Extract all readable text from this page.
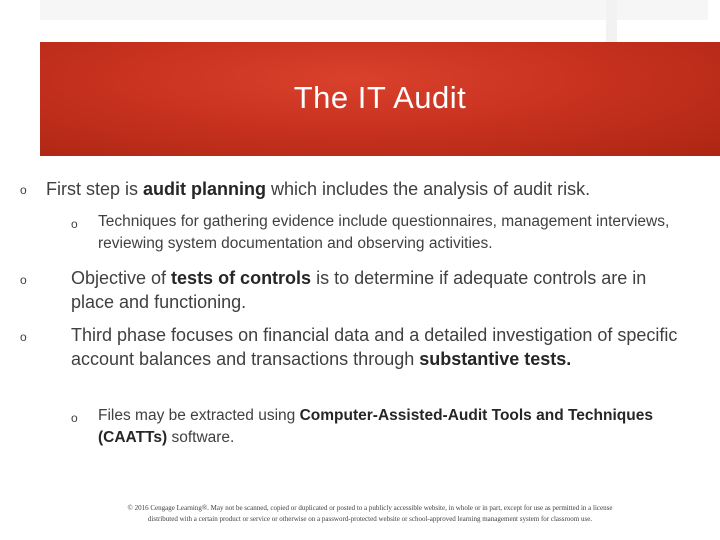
The IT Audit
o First step is audit planning which includes the analysis of audit risk.
o Techniques for gathering evidence include questionnaires, management interviews, reviewing system documentation and observing activities.
o Objective of tests of controls is to determine if adequate controls are in place and functioning.
o Third phase focuses on financial data and a detailed investigation of specific account balances and transactions through substantive tests.
o Files may be extracted using Computer-Assisted-Audit Tools and Techniques (CAATTs) software.
© 2016 Cengage Learning®. May not be scanned, copied or duplicated or posted to a publicly accessible website, in whole or in part, except for use as permitted in a license
distributed with a certain product or service or otherwise on a password-protected website or school-approved learning management system for classroom use.
